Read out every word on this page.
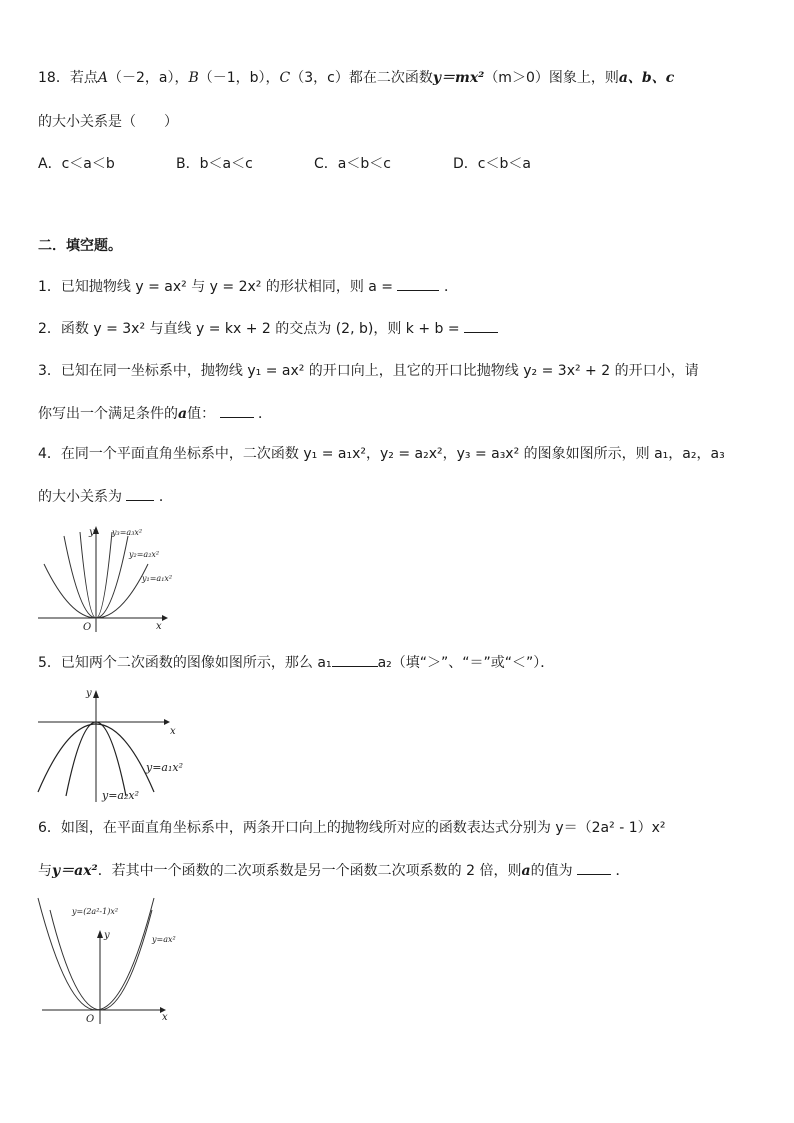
18．若点A（－2，a），B（－1，b），C（3，c）都在二次函数y＝mx²（m＞0）图象上，则a、b、c
的大小关系是（　　）
A．c＜a＜b	B．b＜a＜c	C．a＜b＜c	D．c＜b＜a
二．填空题。
1．已知抛物线 y = ax² 与 y = 2x² 的形状相同，则 a =	．
2．函数 y = 3x² 与直线 y = kx + 2 的交点为 (2, b)，则 k + b =
3．已知在同一坐标系中，抛物线 y₁ = ax² 的开口向上，且它的开口比抛物线 y₂ = 3x² + 2 的开口小，请
你写出一个满足条件的a值：	．
4．在同一个平面直角坐标系中，二次函数 y₁ = a₁x²，y₂ = a₂x²，y₃ = a₃x² 的图象如图所示，则 a₁，a₂，a₃
的大小关系为	．
y
x
O
y₃=a₃x²
y₂=a₂x²
y₁=a₁x²
5．已知两个二次函数的图像如图所示，那么 a₁	a₂（填“＞”、“＝”或“＜”）．
y
x
y=a₁x²
y=a₂x²
6．如图，在平面直角坐标系中，两条开口向上的抛物线所对应的函数表达式分别为 y＝（2a² - 1）x²
与y＝ax²．若其中一个函数的二次项系数是另一个函数二次项系数的 2 倍，则a的值为	．
y
x
O
y=(2a²-1)x²
y=ax²
